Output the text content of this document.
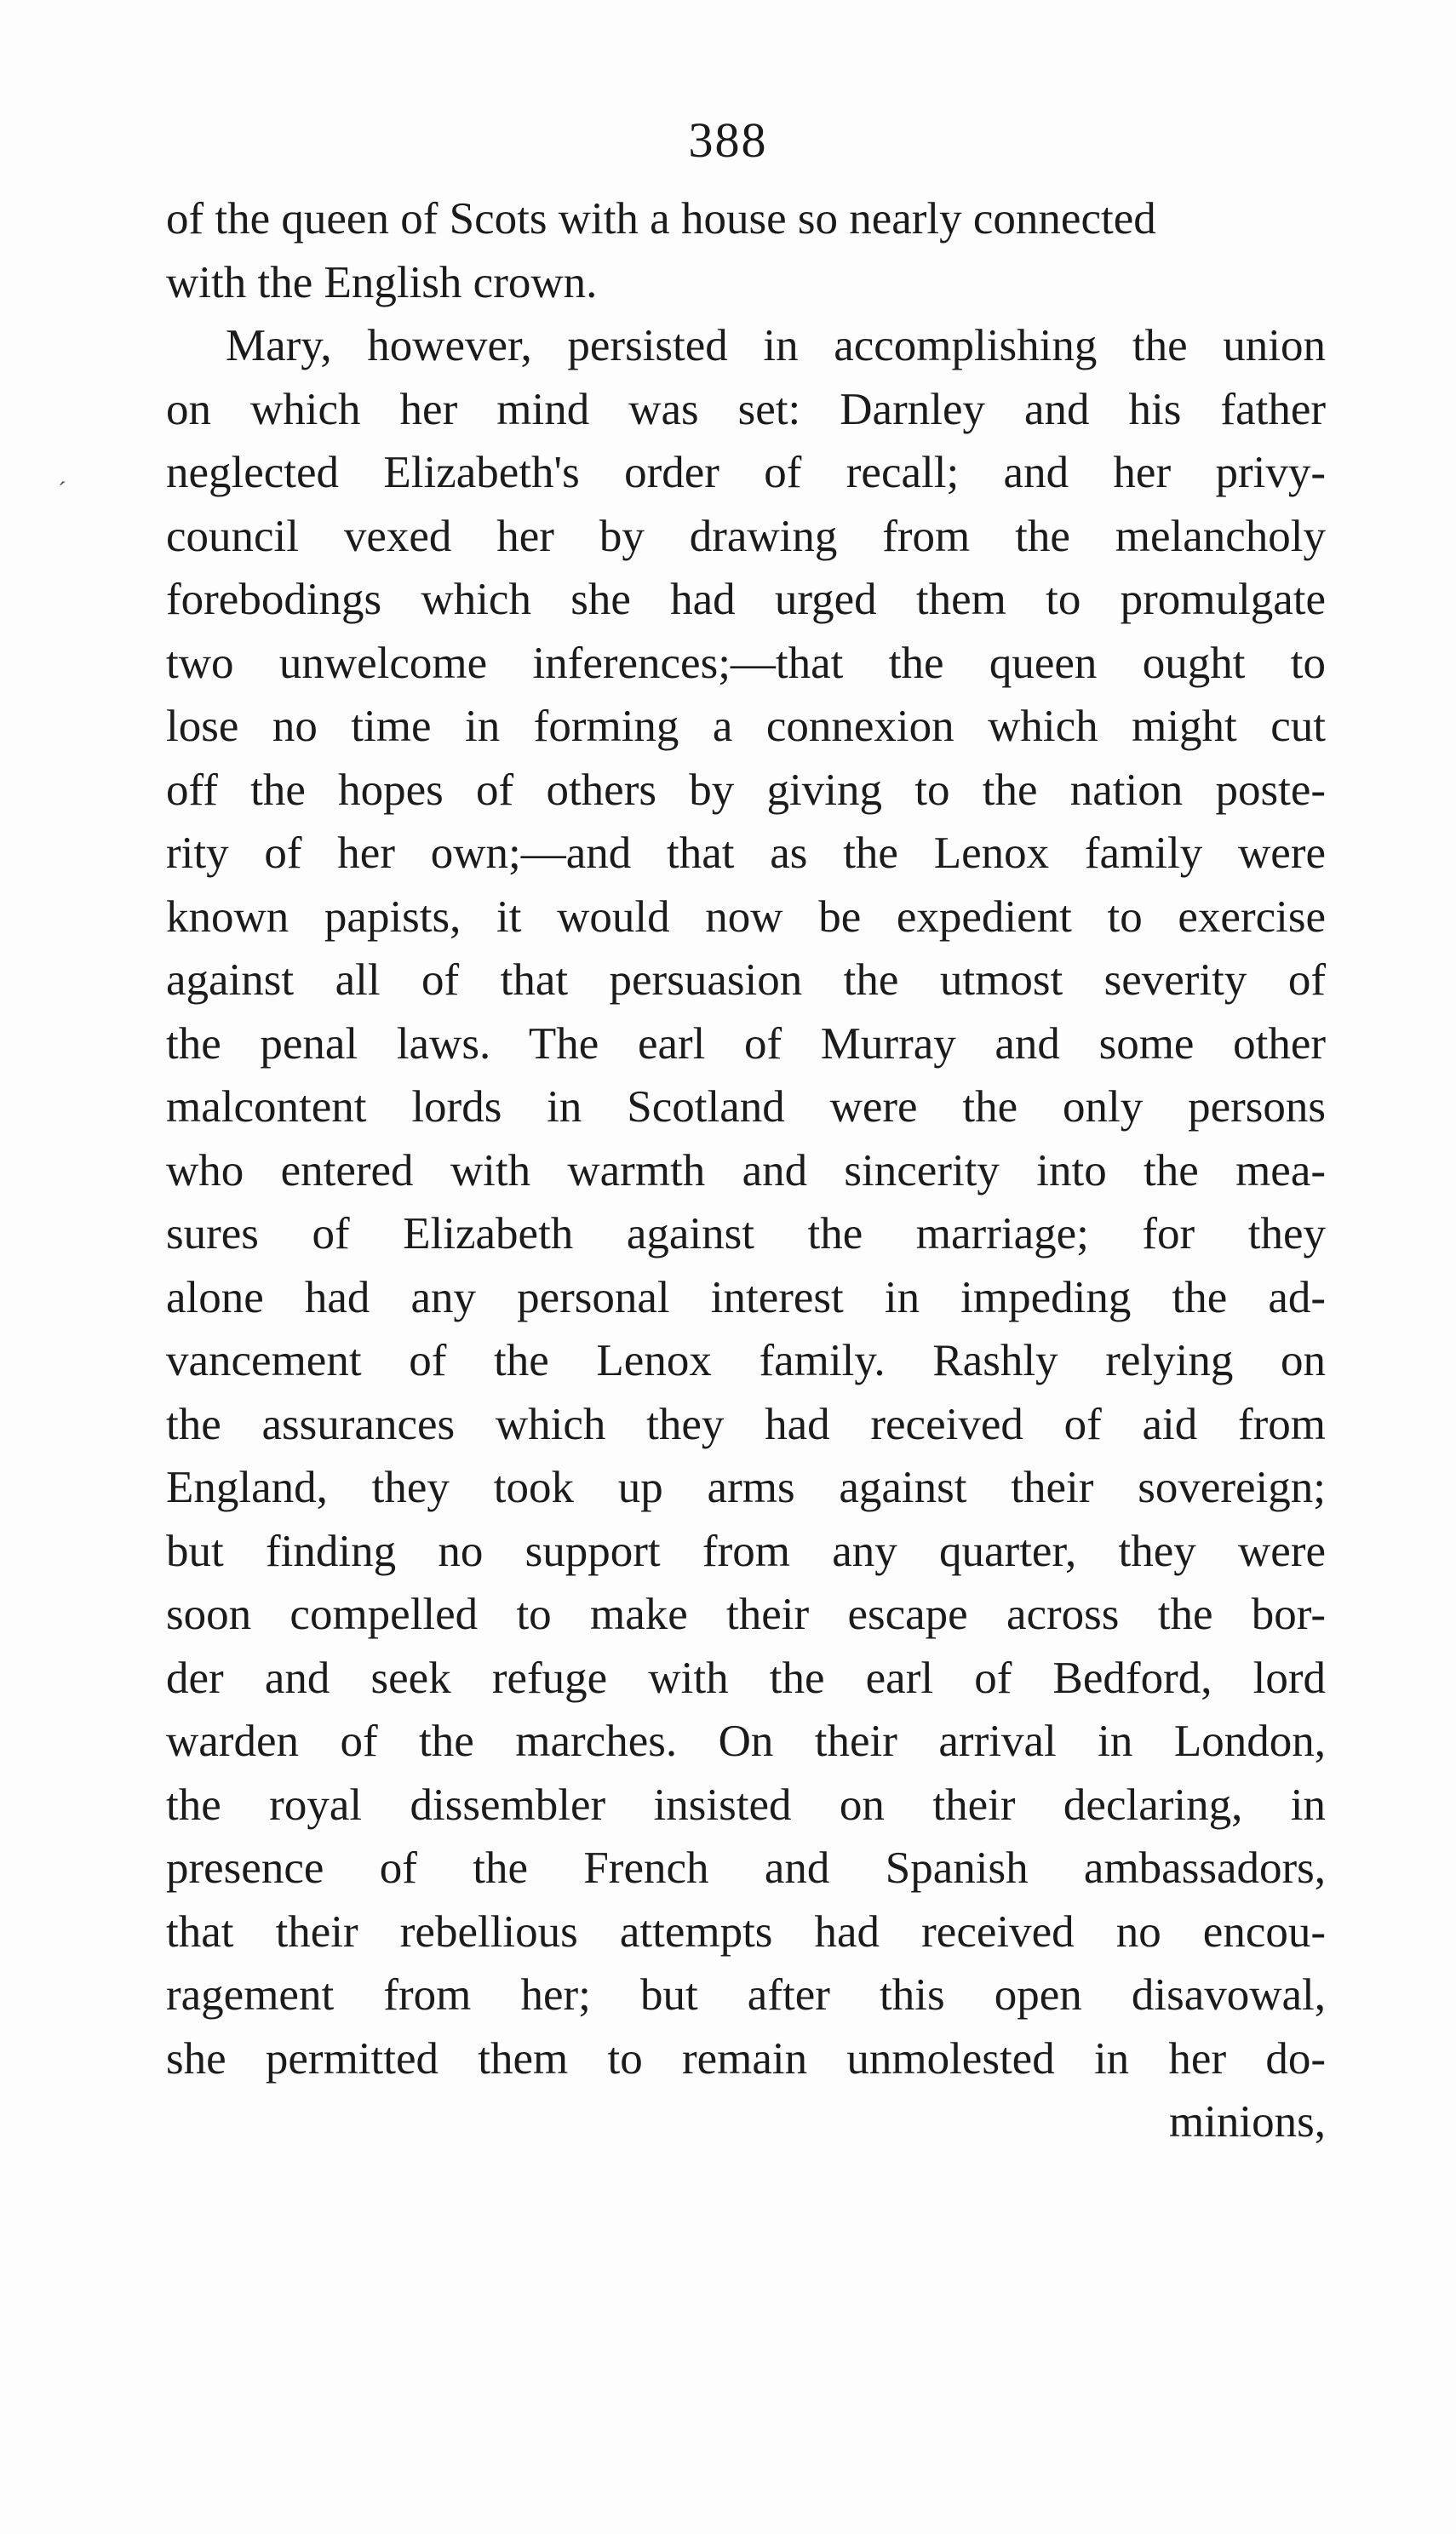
388
ˊ
of the queen of Scots with a house so nearly connected
with the English crown.
Mary, however, persisted in accomplishing the union
on which her mind was set: Darnley and his father
neglected Elizabeth's order of recall; and her privy-
council vexed her by drawing from the melancholy
forebodings which she had urged them to promulgate
two unwelcome inferences;—that the queen ought to
lose no time in forming a connexion which might cut
off the hopes of others by giving to the nation poste-
rity of her own;—and that as the Lenox family were
known papists, it would now be expedient to exercise
against all of that persuasion the utmost severity of
the penal laws. The earl of Murray and some other
malcontent lords in Scotland were the only persons
who entered with warmth and sincerity into the mea-
sures of Elizabeth against the marriage; for they
alone had any personal interest in impeding the ad-
vancement of the Lenox family. Rashly relying on
the assurances which they had received of aid from
England, they took up arms against their sovereign;
but finding no support from any quarter, they were
soon compelled to make their escape across the bor-
der and seek refuge with the earl of Bedford, lord
warden of the marches. On their arrival in London,
the royal dissembler insisted on their declaring, in
presence of the French and Spanish ambassadors,
that their rebellious attempts had received no encou-
ragement from her; but after this open disavowal,
she permitted them to remain unmolested in her do-
minions,
